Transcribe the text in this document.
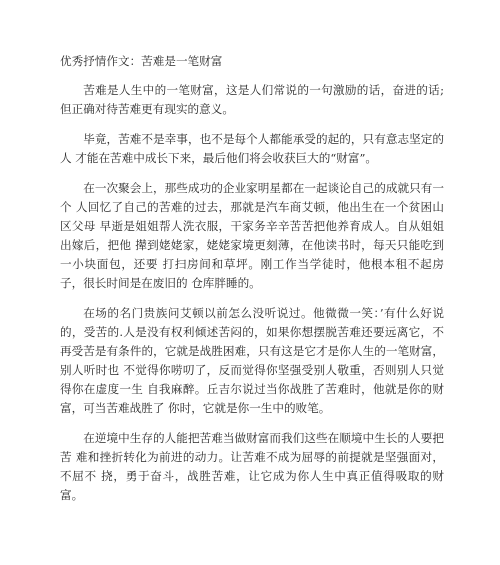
优秀抒情作文：苦难是一笔财富

苦难是人生中的一笔财富，这是人们常说的一句激励的话，奋进的话;但正确对待苦难更有现实的意义。

毕竟，苦难不是幸事，也不是每个人都能承受的起的，只有意志坚定的人 才能在苦难中成长下来，最后他们将会收获巨大的“财富”。

在一次聚会上，那些成功的企业家明星都在一起谈论自己的成就只有一个 人回忆了自己的苦难的过去，那就是汽车商艾顿，他出生在一个贫困山区父母 早逝是姐姐帮人洗衣服，干家务辛辛苦苦把他养育成人。自从姐姐出嫁后，把他 撵到姥姥家，姥姥家境更刻薄，在他读书时，每天只能吃到一小块面包，还要 打扫房间和草坪。刚工作当学徒时，他根本租不起房子，很长时间是在废旧的 仓库胖睡的。

在场的名门贵族问艾顿以前怎么没听说过。他微微一笑：’有什么好说的，受苦的.人是没有权利倾述苦闷的，如果你想摆脱苦难还要远离它，不再受苦是有条件的，它就是战胜困难，只有这是它才是你人生的一笔财富，别人听时也 不觉得你唠叨了，反而觉得你坚强受别人敬重，否则别人只觉得你在虚度一生 自我麻醉。丘吉尔说过当你战胜了苦难时，他就是你的财富，可当苦难战胜了 你时，它就是你一生中的败笔。

在逆境中生存的人能把苦难当做财富而我们这些在顺境中生长的人要把苦 难和挫折转化为前进的动力。让苦难不成为屈辱的前提就是坚强面对，不屈不 挠，勇于奋斗，战胜苦难，让它成为你人生中真正值得吸取的财富。
